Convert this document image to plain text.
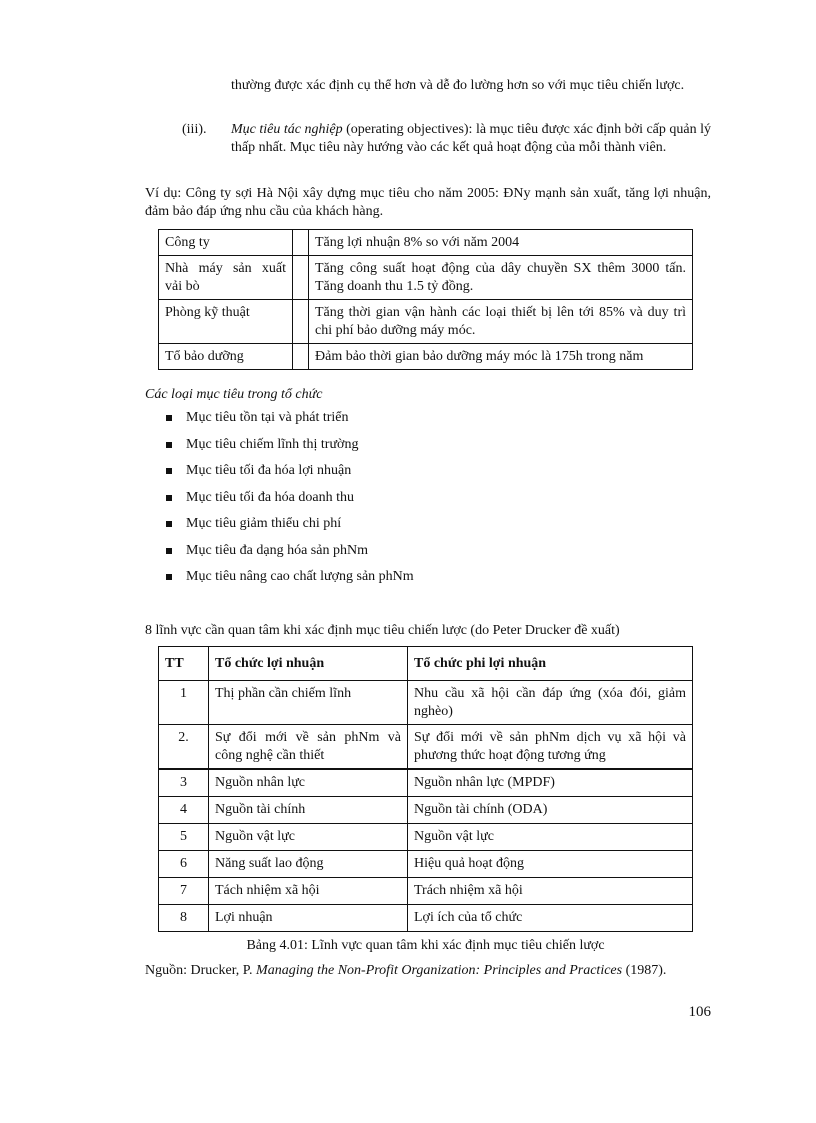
thường được xác định cụ thể hơn và dễ đo lường hơn so với mục tiêu chiến lược.
(iii). Mục tiêu tác nghiệp (operating objectives): là mục tiêu được xác định bởi cấp quản lý thấp nhất. Mục tiêu này hướng vào các kết quả hoạt động của mỗi thành viên.
Ví dụ: Công ty sợi Hà Nội xây dựng mục tiêu cho năm 2005: ĐNy mạnh sản xuất, tăng lợi nhuận, đảm bảo đáp ứng nhu cầu của khách hàng.
Công ty		Tăng lợi nhuận 8% so với năm 2004
Nhà máy sản xuất vải bò		Tăng công suất hoạt động của dây chuyền SX thêm 3000 tấn. Tăng doanh thu 1.5 tỷ đồng.
Phòng kỹ thuật		Tăng thời gian vận hành các loại thiết bị lên tới 85% và duy trì chi phí bảo dưỡng máy móc.
Tổ bảo dưỡng		Đảm bảo thời gian bảo dưỡng máy móc là 175h trong năm
Các loại mục tiêu trong tổ chức
Mục tiêu tồn tại và phát triển
Mục tiêu chiếm lĩnh thị trường
Mục tiêu tối đa hóa lợi nhuận
Mục tiêu tối đa hóa doanh thu
Mục tiêu giảm thiểu chi phí
Mục tiêu đa dạng hóa sản phNm
Mục tiêu nâng cao chất lượng sản phNm
8 lĩnh vực cần quan tâm khi xác định mục tiêu chiến lược (do Peter Drucker đề xuất)
TT	Tổ chức lợi nhuận	Tổ chức phi lợi nhuận
1	Thị phần cần chiếm lĩnh	Nhu cầu xã hội cần đáp ứng (xóa đói, giảm nghèo)
2.	Sự đổi mới về sản phNm và công nghệ cần thiết	Sự đổi mới về sản phNm dịch vụ xã hội và phương thức hoạt động tương ứng
3	Nguồn nhân lực	Nguồn nhân lực (MPDF)
4	Nguồn tài chính	Nguồn tài chính (ODA)
5	Nguồn vật lực	Nguồn vật lực
6	Năng suất lao động	Hiệu quả hoạt động
7	Tách nhiệm xã hội	Trách nhiệm xã hội
8	Lợi nhuận	Lợi ích của tổ chức
Bảng 4.01: Lĩnh vực quan tâm khi xác định mục tiêu chiến lược
Nguồn: Drucker, P. Managing the Non-Profit Organization: Principles and Practices (1987).
106
